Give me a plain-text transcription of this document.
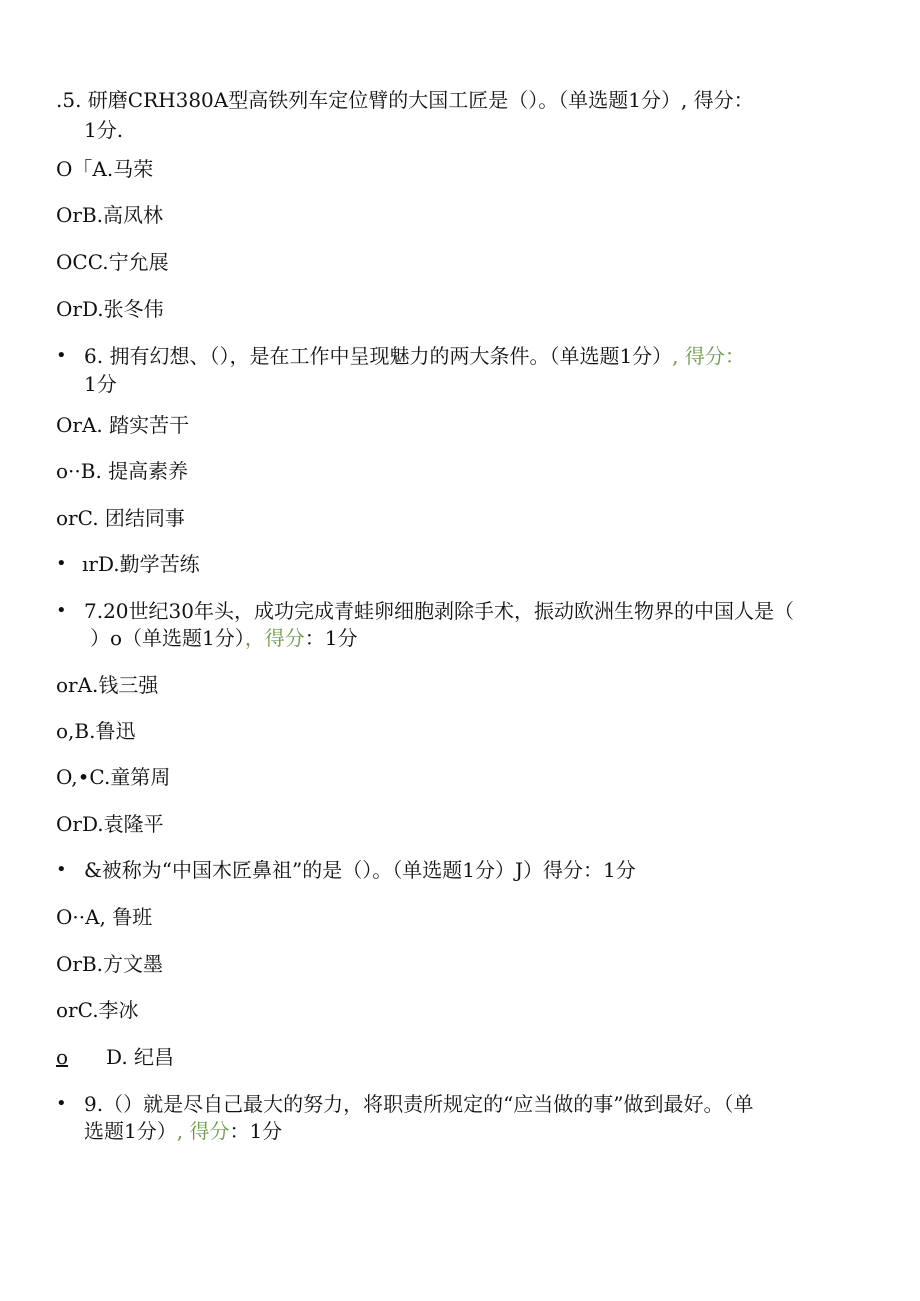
.5. 研磨CRH380A型高铁列车定位臂的大国工匠是（）。（单选题1分）, 得分：
1分.
O「A.马荣
OrB.高凤林
OCC.宁允展
OrD.张冬伟
• 6. 拥有幻想、（），是在工作中呈现魅力的两大条件。（单选题1分）, 得分：
1分
OrA. 踏实苦干
o··B. 提高素养
orC. 团结同事
• ırD.勤学苦练
• 7.20世纪30年头，成功完成青蛙卵细胞剥除手术，振动欧洲生物界的中国人是（
）o（单选题1分），得分：1分
orA.钱三强
o,B.鲁迅
O,•C.童第周
OrD.袁隆平
• &被称为“中国木匠鼻祖”的是（）。（单选题1分）J）得分：1分
O··A, 鲁班
OrB.方文墨
orC.李冰
o D. 纪昌
• 9.（）就是尽自己最大的努力，将职责所规定的“应当做的事”做到最好。（单
选题1分）, 得分：1分
